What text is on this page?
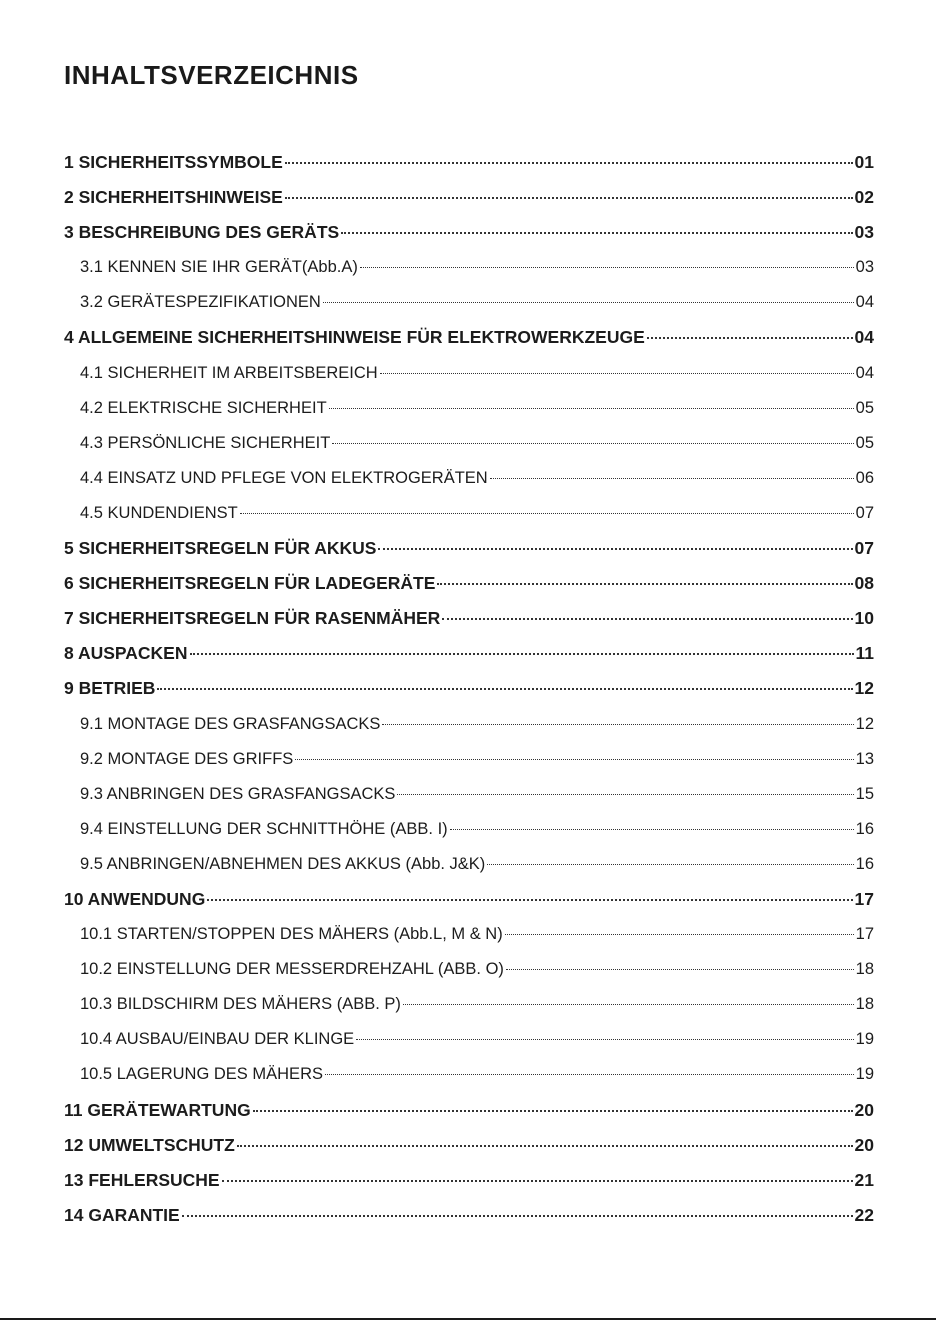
INHALTSVERZEICHNIS
1 SICHERHEITSSYMBOLE	01
2 SICHERHEITSHINWEISE	02
3 BESCHREIBUNG DES GERÄTS	03
3.1 KENNEN SIE IHR GERÄT(Abb.A)	03
3.2 GERÄTESPEZIFIKATIONEN	04
4 ALLGEMEINE SICHERHEITSHINWEISE FÜR ELEKTROWERKZEUGE	04
4.1 SICHERHEIT IM ARBEITSBEREICH	04
4.2 ELEKTRISCHE SICHERHEIT	05
4.3 PERSÖNLICHE SICHERHEIT	05
4.4 EINSATZ UND PFLEGE VON ELEKTROGERÄTEN	06
4.5 KUNDENDIENST	07
5 SICHERHEITSREGELN FÜR AKKUS	07
6 SICHERHEITSREGELN FÜR LADEGERÄTE	08
7 SICHERHEITSREGELN FÜR RASENMÄHER	10
8 AUSPACKEN	11
9 BETRIEB	12
9.1 MONTAGE DES GRASFANGSACKS	12
9.2 MONTAGE DES GRIFFS	13
9.3 ANBRINGEN DES GRASFANGSACKS	15
9.4 EINSTELLUNG DER SCHNITTHÖHE (ABB. I)	16
9.5 ANBRINGEN/ABNEHMEN DES AKKUS (Abb. J&K)	16
10 ANWENDUNG	17
10.1 STARTEN/STOPPEN DES MÄHERS (Abb.L, M & N)	17
10.2 EINSTELLUNG DER MESSERDREHZAHL (ABB. O)	18
10.3 BILDSCHIRM DES MÄHERS (ABB. P)	18
10.4 AUSBAU/EINBAU DER KLINGE	19
10.5 LAGERUNG DES MÄHERS	19
11 GERÄTEWARTUNG	20
12 UMWELTSCHUTZ	20
13 FEHLERSUCHE	21
14 GARANTIE	22
